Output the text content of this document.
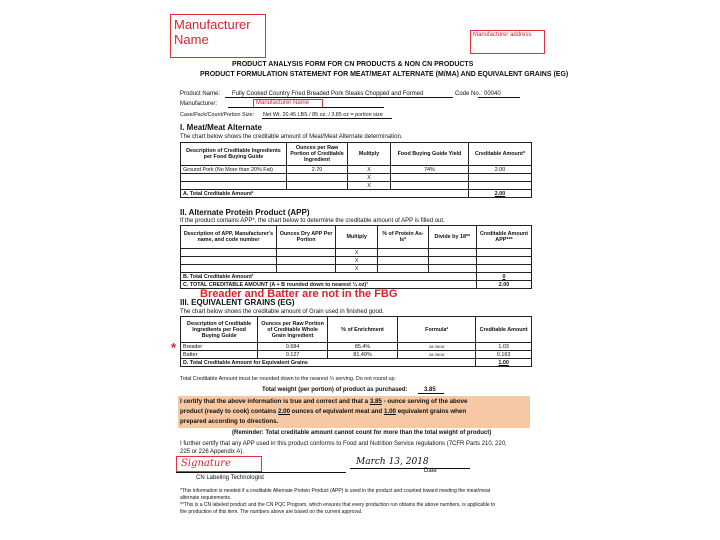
Manufacturer Name	Manufacturer address
PRODUCT ANALYSIS FORM FOR CN PRODUCTS & NON CN PRODUCTS
PRODUCT FORMULATION STATEMENT FOR MEAT/MEAT ALTERNATE (M/MA) AND EQUIVALENT GRAINS (EG)
Product Name: Fully Cooked Country Fried Breaded Pork Steaks Chopped and Formed	Code No.: 00040
Manufacturer:	Manufacturer Name
Case/Pack/Count/Portion Size: Net Wt. 20.45 LBS / 85 oz. / 3.85 oz = portion size
I. Meat/Meat Alternate
The chart below shows the creditable amount of Meat/Meat Alternate determination.
Description of Creditable Ingredients per Food Buying Guide	Ounces per Raw Portion of Creditable Ingredient	Multiply	Food Buying Guide Yield	Creditable Amount*
Ground Pork (No More than 20% Fat)	2.70	X	74%	2.00
		X		
		X		
A. Total Creditable Amount¹				2.00
II. Alternate Protein Product (APP)
If the product contains APP*, the chart below to determine the creditable amount of APP is filled out.
Description of APP, Manufacturer's name, and code number	Ounces Dry APP Per Portion	Multiply	% of Protein As-Is*	Divide by 18**	Creditable Amount APP***
		X			
		X			
		X			
B. Total Creditable Amount¹					0
C. TOTAL CREDITABLE AMOUNT (A + B rounded down to nearest ¼ oz)¹					2.00
Breader and Batter are not in the FBG
III. EQUIVALENT GRAINS (EG)
The chart below shows the creditable amount of Grain used in finished good.
*
Description of Creditable Ingredients per Food Buying Guide	Ounces per Raw Portion of Creditable Whole Grain Ingredient	% of Enrichment	Formula²	Creditable Amount
Breader	0.684	85.4%	28.35/16	1.03
Batter	0.127	81.49%	28.35/16	0.163
D. Total Creditable Amount for Equivalent Grains				1.00
Total Creditable Amount must be rounded down to the nearest ¼ serving. Do not round up.
Total weight (per portion) of product as purchased:	3.85
I certify that the above information is true and correct and that a 3.85 - ounce serving of the above
product (ready to cook) contains 2.00 ounces of equivalent meat and 1.00 equivalent grains when
prepared according to directions.
(Reminder: Total creditable amount cannot count for more than the total weight of product)
I further certify that any APP used in this product conforms to Food and Nutrition Service regulations (7CFR Parts 210, 220,
225 or 226 Appendix A).
Signature
CN Labeling Technologist
March 13, 2018
Date
*This information is needed if a creditable Alternate Protein Product (APP) is used in the product and counted toward meeting the meat/meat
alternate requirements.
**This is a CN labeled product and the CN PQC Program, which ensures that every production run obtains the above numbers, is applicable to
the production of this item. The numbers above are based on the current approval.
